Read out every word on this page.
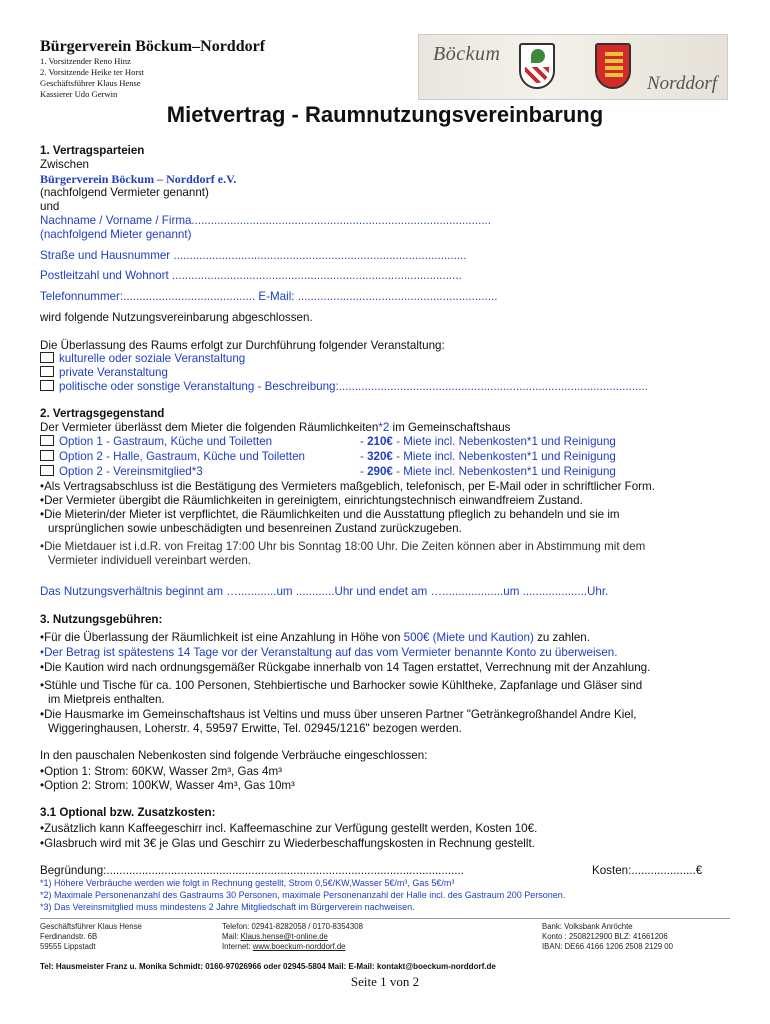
Bürgerverein Böckum–Norddorf
1. Vorsitzender Reno Hinz
2. Vorsitzende Heike ter Horst
Geschäftsführer Klaus Hense
Kassierer Udo Gerwin
Böckum
Norddorf
Mietvertrag - Raumnutzungsvereinbarung
1. Vertragsparteien
Zwischen
Bürgerverein Böckum – Norddorf e.V.
(nachfolgend Vermieter genannt)
und
Nachname / Vorname / Firma.............................................................................................
(nachfolgend Mieter genannt)
Straße und Hausnummer ...........................................................................................
Postleitzahl und Wohnort ..........................................................................................
Telefonnummer:......................................... E-Mail: ..............................................................
wird folgende Nutzungsvereinbarung abgeschlossen.
Die Überlassung des Raums erfolgt zur Durchführung folgender Veranstaltung:
kulturelle oder soziale Veranstaltung
private Veranstaltung
politische oder sonstige Veranstaltung - Beschreibung:................................................................................................
2. Vertragsgegenstand
Der Vermieter überlässt dem Mieter die folgenden Räumlichkeiten*2 im Gemeinschaftshaus
Option 1 - Gastraum, Küche und Toiletten	- 210€ - Miete incl. Nebenkosten*1 und Reinigung
Option 2 - Halle, Gastraum, Küche und Toiletten	- 320€ - Miete incl. Nebenkosten*1 und Reinigung
Option 2 - Vereinsmitglied*3	- 290€ - Miete incl. Nebenkosten*1 und Reinigung
•Als Vertragsabschluss ist die Bestätigung des Vermieters maßgeblich, telefonisch, per E-Mail oder in schriftlicher Form.
•Der Vermieter übergibt die Räumlichkeiten in gereinigtem, einrichtungstechnisch einwandfreiem Zustand.
•Die Mieterin/der Mieter ist verpflichtet, die Räumlichkeiten und die Ausstattung pfleglich zu behandeln und sie im
ursprünglichen sowie unbeschädigten und besenreinen Zustand zurückzugeben.
•Die Mietdauer ist i.d.R. von Freitag 17:00 Uhr bis Sonntag 18:00 Uhr. Die Zeiten können aber in Abstimmung mit dem
Vermieter individuell vereinbart werden.
Das Nutzungsverhältnis beginnt am …............um ............Uhr und endet am …...................um ....................Uhr.
3. Nutzungsgebühren:
•Für die Überlassung der Räumlichkeit ist eine Anzahlung in Höhe von 500€ (Miete und Kaution) zu zahlen.
•Der Betrag ist spätestens 14 Tage vor der Veranstaltung auf das vom Vermieter benannte Konto zu überweisen.
•Die Kaution wird nach ordnungsgemäßer Rückgabe innerhalb von 14 Tagen erstattet, Verrechnung mit der Anzahlung.
•Stühle und Tische für ca. 100 Personen, Stehbiertische und Barhocker sowie Kühltheke, Zapfanlage und Gläser sind
im Mietpreis enthalten.
•Die Hausmarke im Gemeinschaftshaus ist Veltins und muss über unseren Partner "Getränkegroßhandel Andre Kiel,
Wiggeringhausen, Loherstr. 4, 59597 Erwitte, Tel. 02945/1216" bezogen werden.
In den pauschalen Nebenkosten sind folgende Verbräuche eingeschlossen:
•Option 1: Strom: 60KW, Wasser 2m³, Gas 4m³
•Option 2: Strom: 100KW, Wasser 4m³, Gas 10m³
3.1 Optional bzw. Zusatzkosten:
•Zusätzlich kann Kaffeegeschirr incl. Kaffeemaschine zur Verfügung gestellt werden, Kosten 10€.
•Glasbruch wird mit 3€ je Glas und Geschirr zu Wiederbeschaffungskosten in Rechnung gestellt.
Begründung:...............................................................................................................	Kosten:....................€
*1) Höhere Verbräuche werden wie folgt in Rechnung gestellt, Strom 0,5€/KW,Wasser 5€/m³, Gas 5€/m³
*2) Maximale Personenanzahl des Gastraums 30 Personen, maximale Personenanzahl der Halle incl. des Gastraum 200 Personen.
*3) Das Vereinsmitglied muss mindestens 2 Jahre Mitgliedschaft im Bürgerverein nachweisen.
Geschäftsführer Klaus Hense
Ferdinandstr. 6B
59555 Lippstadt
Telefon: 02941-8282058 / 0170-8354308
Mail: Klaus.hense@t-online.de
Internet: www.boeckum-norddorf.de
Bank: Volksbank Anröchte
Konto : 2508212900 BLZ: 41661206
IBAN: DE66 4166 1206 2508 2129 00
Tel: Hausmeister Franz u. Monika Schmidt: 0160-97026966 oder 02945-5804 Mail: E-Mail: kontakt@boeckum-norddorf.de
Seite 1 von 2
